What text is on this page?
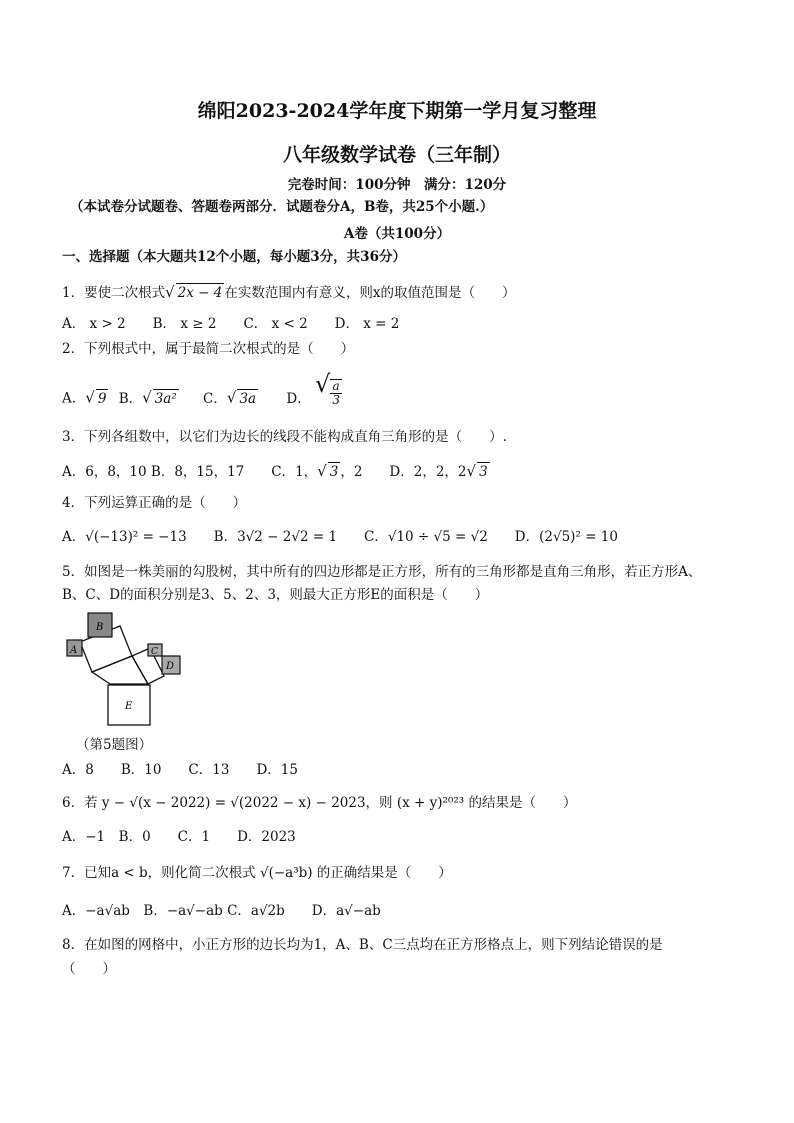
绵阳2023-2024学年度下期第一学月复习整理
八年级数学试卷（三年制）
完卷时间：100分钟　满分：120分
（本试卷分试题卷、答题卷两部分．试题卷分A，B卷，共25个小题.）
A卷（共100分）
一、选择题（本大题共12个小题，每小题3分，共36分）
1．要使二次根式√ 2x − 4 在实数范围内有意义，则x的取值范围是（　　）
A． x > 2　　B． x ≥ 2　　C． x < 2　　D． x = 2
2．下列根式中，属于最简二次根式的是（　　）
A．√ 9 B．√ 3a² C．√ 3a D． √ $\frac{a}{3}$
3．下列各组数中，以它们为边长的线段不能构成直角三角形的是（　　）.
A．6，8，10 B．8，15，17　　C．1，√ 3 ，2　　D．2，2，2√ 3
4．下列运算正确的是（　　）
A．√(−13)² = −13　　B．3√2 − 2√2 = 1　　C．√10 ÷ √5 = √2　　D．(2√5)² = 10
5．如图是一株美丽的勾股树，其中所有的四边形都是正方形，所有的三角形都是直角三角形，若正方形A、
B、C、D的面积分别是3、5、2、3，则最大正方形E的面积是（　　）
A
B
C
D
E
（第5题图）
A．8　　B．10　　C．13　　D．15
6．若 y − √(x − 2022) = √(2022 − x) − 2023，则 (x + y)²⁰²³ 的结果是（　　）
A．−1　B．0　　C．1　　D．2023
7．已知a < b，则化简二次根式 √(−a³b) 的正确结果是（　　）
A．−a√ab　B．−a√−ab C．a√2b　　D．a√−ab
8．在如图的网格中，小正方形的边长均为1，A、B、C三点均在正方形格点上，则下列结论错误的是
（　　）
